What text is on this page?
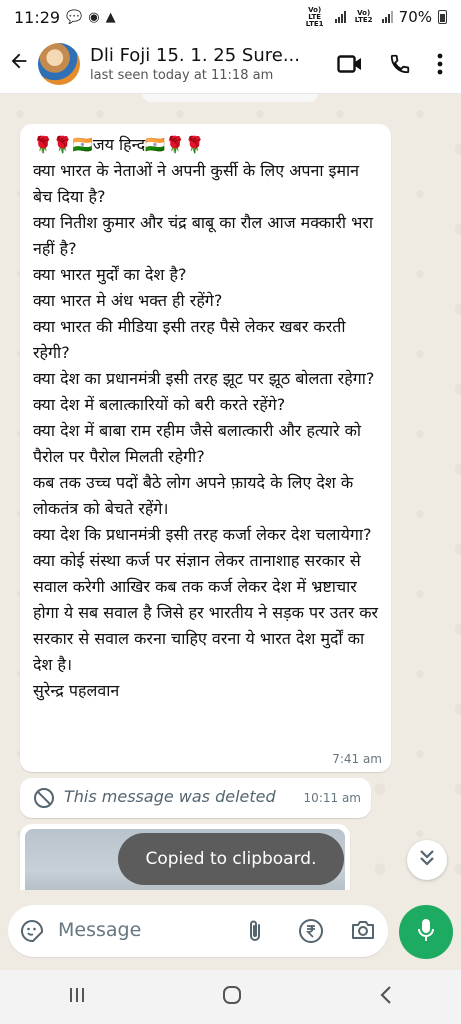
11:29 💬 ◉ ▲	Vo) LTE LTE1
Vo) LTE2 70%
Dli Foji 15. 1. 25 Sure...
last seen today at 11:18 am
🌹🌹🇮🇳जय हिन्द🇮🇳🌹🌹
क्या भारत के नेताओं ने अपनी कुर्सी के लिए अपना इमान बेच दिया है?
क्या नितीश कुमार और चंद्र बाबू का रौल आज मक्कारी भरा नहीं है?
क्या भारत मुर्दों का देश है?
क्या भारत मे अंध भक्त ही रहेंगे?
क्या भारत की मीडिया इसी तरह पैसे लेकर खबर करती रहेगी?
क्या देश का प्रधानमंत्री इसी तरह झूट पर झूठ बोलता रहेगा?
क्या देश में बलात्कारियों को बरी करते रहेंगे?
क्या देश में बाबा राम रहीम जैसे बलात्कारी और हत्यारे को पैरोल पर पैरोल मिलती रहेगी?
कब तक उच्च पदों बैठे लोग अपने फ़ायदे के लिए देश के लोकतंत्र को बेचते रहेंगे।
क्या देश कि प्रधानमंत्री इसी तरह कर्जा लेकर देश चलायेगा?
क्या कोई संस्था कर्ज पर संज्ञान लेकर तानाशाह सरकार से सवाल करेगी आखिर कब तक कर्ज लेकर देश में भ्रष्टाचार होगा ये सब सवाल है जिसे हर भारतीय ने सड़क पर उतर कर सरकार से सवाल करना चाहिए वरना ये भारत देश मुर्दों का देश है।
सुरेन्द्र पहलवान
7:41 am
This message was deleted 10:11 am
Copied to clipboard.
Message
